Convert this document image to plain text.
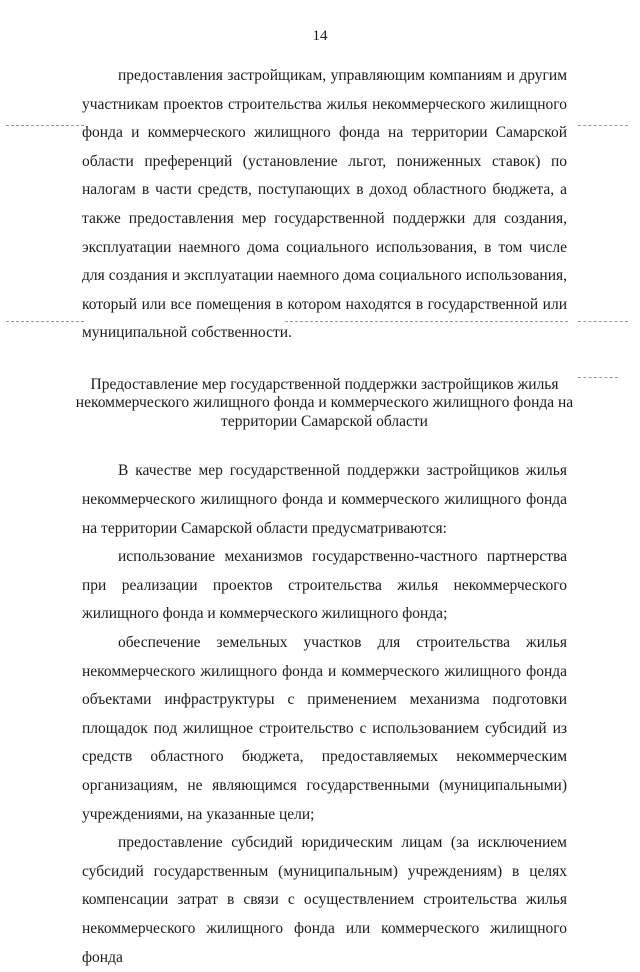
14

предоставления застройщикам, управляющим компаниям и другим участникам проектов строительства жилья некоммерческого жилищного фонда и коммерческого жилищного фонда на территории Самарской области преференций (установление льгот, пониженных ставок) по налогам в части средств, поступающих в доход областного бюджета, а также предоставления мер государственной поддержки для создания, эксплуатации наемного дома социального использования, в том числе для создания и эксплуатации наемного дома социального использования, который или все помещения в котором находятся в государственной или муниципальной собственности.

Предоставление мер государственной поддержки застройщиков жилья некоммерческого жилищного фонда и коммерческого жилищного фонда на территории Самарской области

В качестве мер государственной поддержки застройщиков жилья некоммерческого жилищного фонда и коммерческого жилищного фонда на территории Самарской области предусматриваются:

использование механизмов государственно-частного партнерства при реализации проектов строительства жилья некоммерческого жилищного фонда и коммерческого жилищного фонда;

обеспечение земельных участков для строительства жилья некоммерческого жилищного фонда и коммерческого жилищного фонда объектами инфраструктуры с применением механизма подготовки площадок под жилищное строительство с использованием субсидий из средств областного бюджета, предоставляемых некоммерческим организациям, не являющимся государственными (муниципальными) учреждениями, на указанные цели;

предоставление субсидий юридическим лицам (за исключением субсидий государственным (муниципальным) учреждениям) в целях компенсации затрат в связи с осуществлением строительства жилья некоммерческого жилищного фонда или коммерческого жилищного фонда
